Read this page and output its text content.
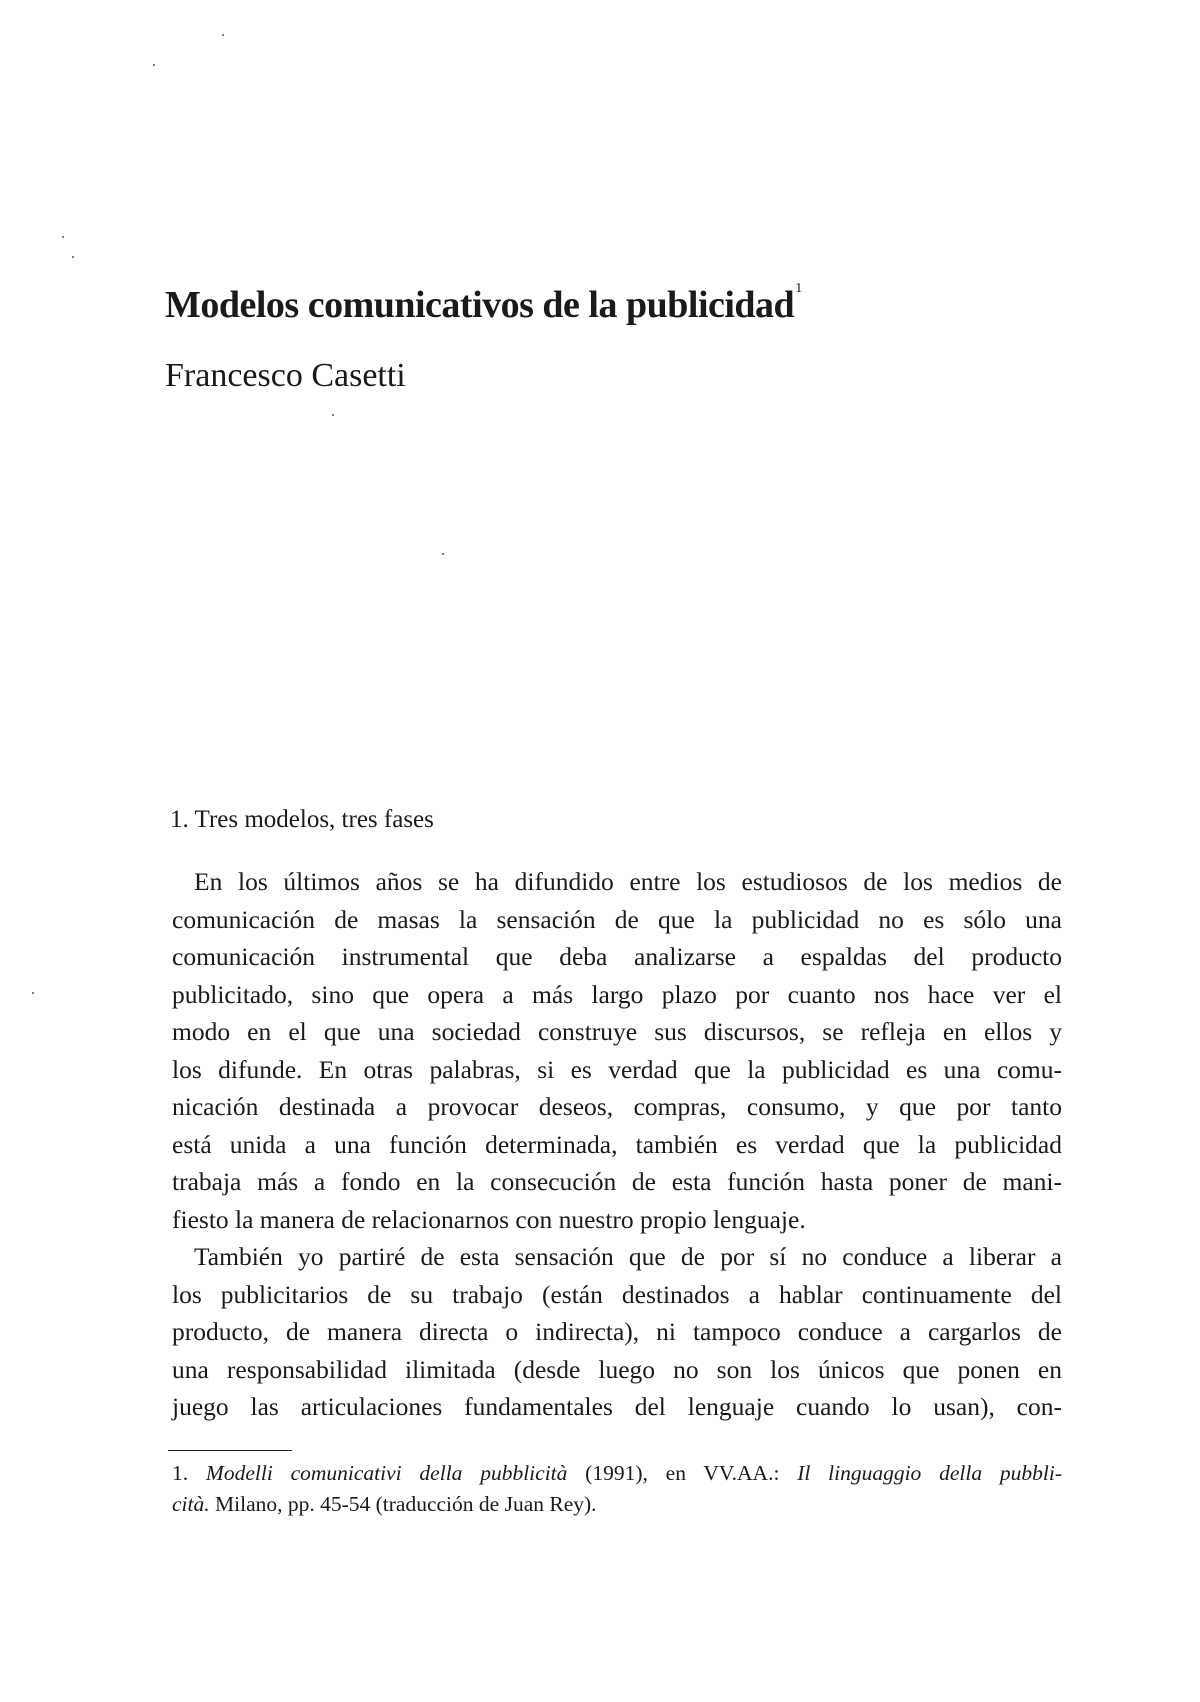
Modelos comunicativos de la publicidad$^1$
Francesco Casetti
1. Tres modelos, tres fases

En los últimos años se ha difundido entre los estudiosos de los medios de
comunicación de masas la sensación de que la publicidad no es sólo una
comunicación instrumental que deba analizarse a espaldas del producto
publicitado, sino que opera a más largo plazo por cuanto nos hace ver el
modo en el que una sociedad construye sus discursos, se refleja en ellos y
los difunde. En otras palabras, si es verdad que la publicidad es una comu-
nicación destinada a provocar deseos, compras, consumo, y que por tanto
está unida a una función determinada, también es verdad que la publicidad
trabaja más a fondo en la consecución de esta función hasta poner de mani-
fiesto la manera de relacionarnos con nuestro propio lenguaje.

También yo partiré de esta sensación que de por sí no conduce a liberar a
los publicitarios de su trabajo (están destinados a hablar continuamente del
producto, de manera directa o indirecta), ni tampoco conduce a cargarlos de
una responsabilidad ilimitada (desde luego no son los únicos que ponen en
juego las articulaciones fundamentales del lenguaje cuando lo usan), con-

1. Modelli comunicativi della pubblicità (1991), en VV.AA.: Il linguaggio della pubbli-
cità. Milano, pp. 45-54 (traducción de Juan Rey).
